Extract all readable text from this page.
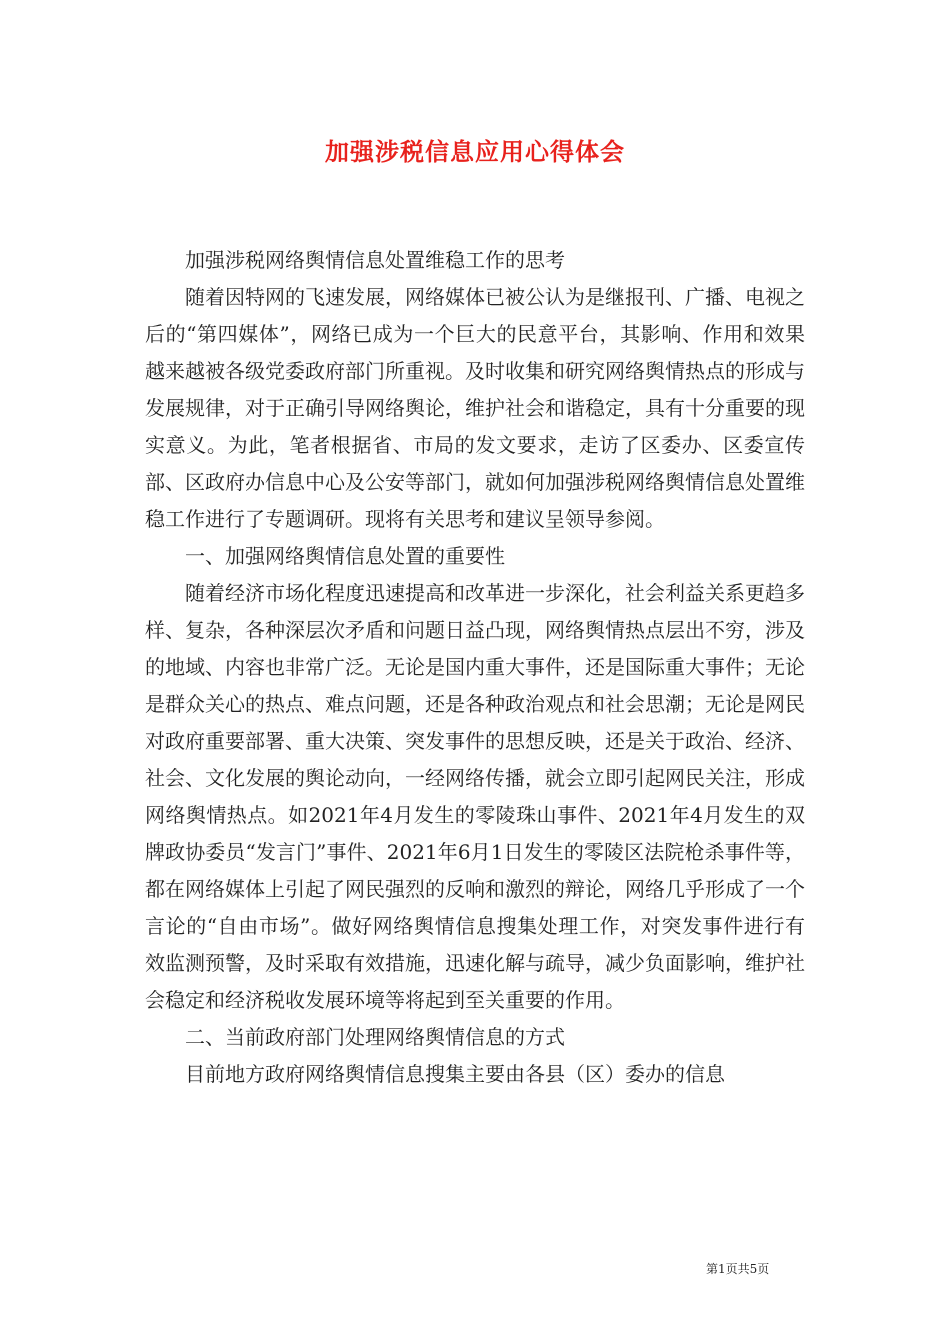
加强涉税信息应用心得体会

加强涉税网络舆情信息处置维稳工作的思考

随着因特网的飞速发展，网络媒体已被公认为是继报刊、广播、电视之后的“第四媒体”，网络已成为一个巨大的民意平台，其影响、作用和效果越来越被各级党委政府部门所重视。及时收集和研究网络舆情热点的形成与发展规律，对于正确引导网络舆论，维护社会和谐稳定，具有十分重要的现实意义。为此，笔者根据省、市局的发文要求，走访了区委办、区委宣传部、区政府办信息中心及公安等部门，就如何加强涉税网络舆情信息处置维稳工作进行了专题调研。现将有关思考和建议呈领导参阅。

一、加强网络舆情信息处置的重要性

随着经济市场化程度迅速提高和改革进一步深化，社会利益关系更趋多样、复杂，各种深层次矛盾和问题日益凸现，网络舆情热点层出不穷，涉及的地域、内容也非常广泛。无论是国内重大事件，还是国际重大事件；无论是群众关心的热点、难点问题，还是各种政治观点和社会思潮；无论是网民对政府重要部署、重大决策、突发事件的思想反映，还是关于政治、经济、社会、文化发展的舆论动向，一经网络传播，就会立即引起网民关注，形成网络舆情热点。如2021年4月发生的零陵珠山事件、2021年4月发生的双牌政协委员“发言门”事件、2021年6月1日发生的零陵区法院枪杀事件等，都在网络媒体上引起了网民强烈的反响和激烈的辩论，网络几乎形成了一个言论的“自由市场”。做好网络舆情信息搜集处理工作，对突发事件进行有效监测预警，及时采取有效措施，迅速化解与疏导，减少负面影响，维护社会稳定和经济税收发展环境等将起到至关重要的作用。

二、当前政府部门处理网络舆情信息的方式

目前地方政府网络舆情信息搜集主要由各县（区）委办的信息

第1页共5页
